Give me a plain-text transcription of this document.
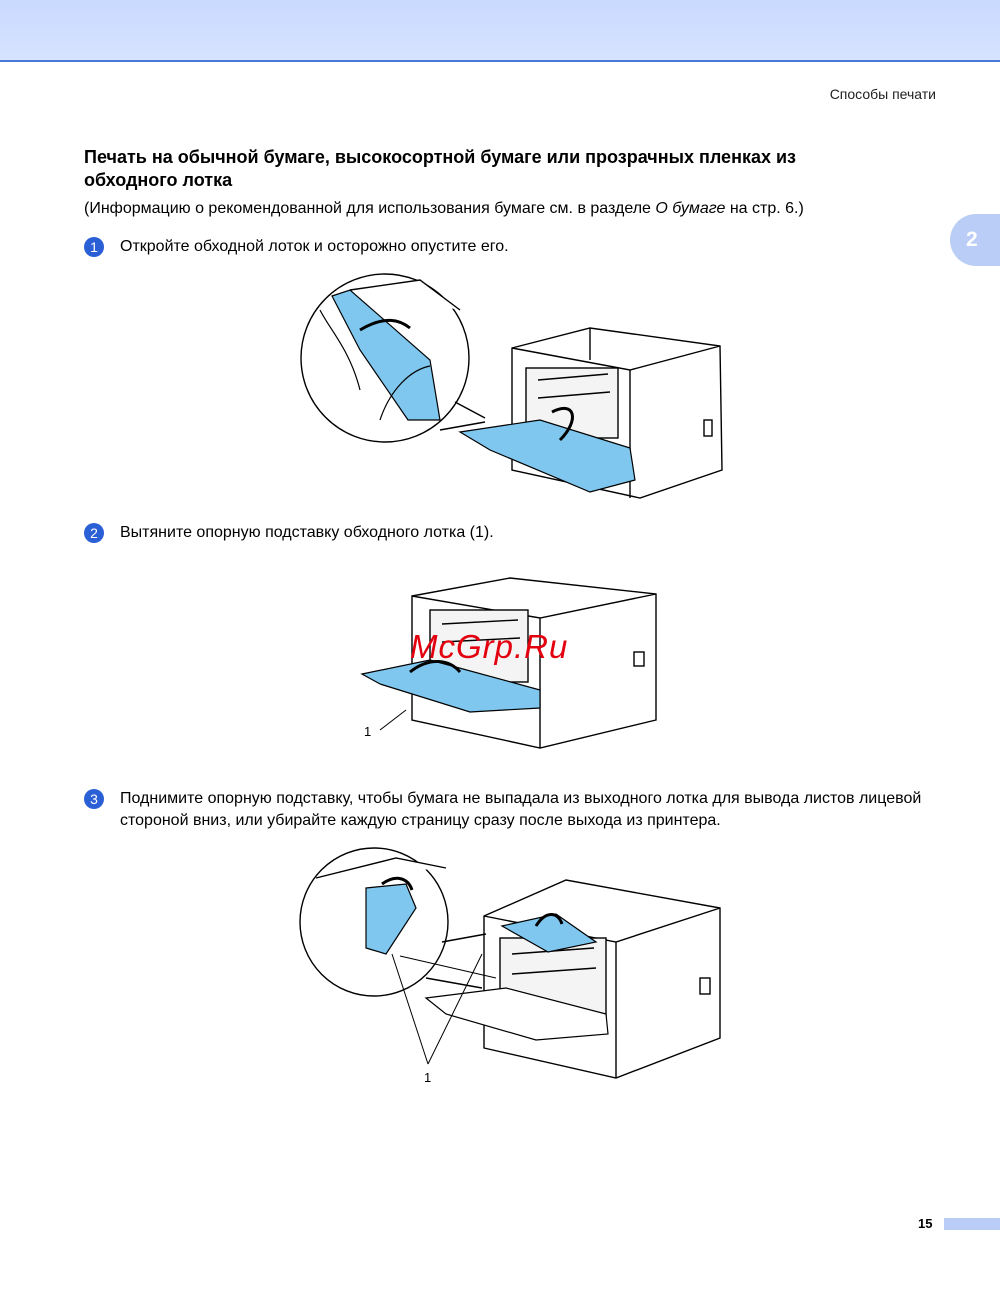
Способы печати
2
Печать на обычной бумаге, высокосортной бумаге или прозрачных пленках из обходного лотка
(Информацию о рекомендованной для использования бумаге см. в разделе О бумаге на стр. 6.)
1	Откройте обходной лоток и осторожно опустите его.
2	Вытяните опорную подставку обходного лотка (1).
1
McGrp.Ru
3	Поднимите опорную подставку, чтобы бумага не выпадала из выходного лотка для вывода листов лицевой стороной вниз, или убирайте каждую страницу сразу после выхода из принтера.
1
15
